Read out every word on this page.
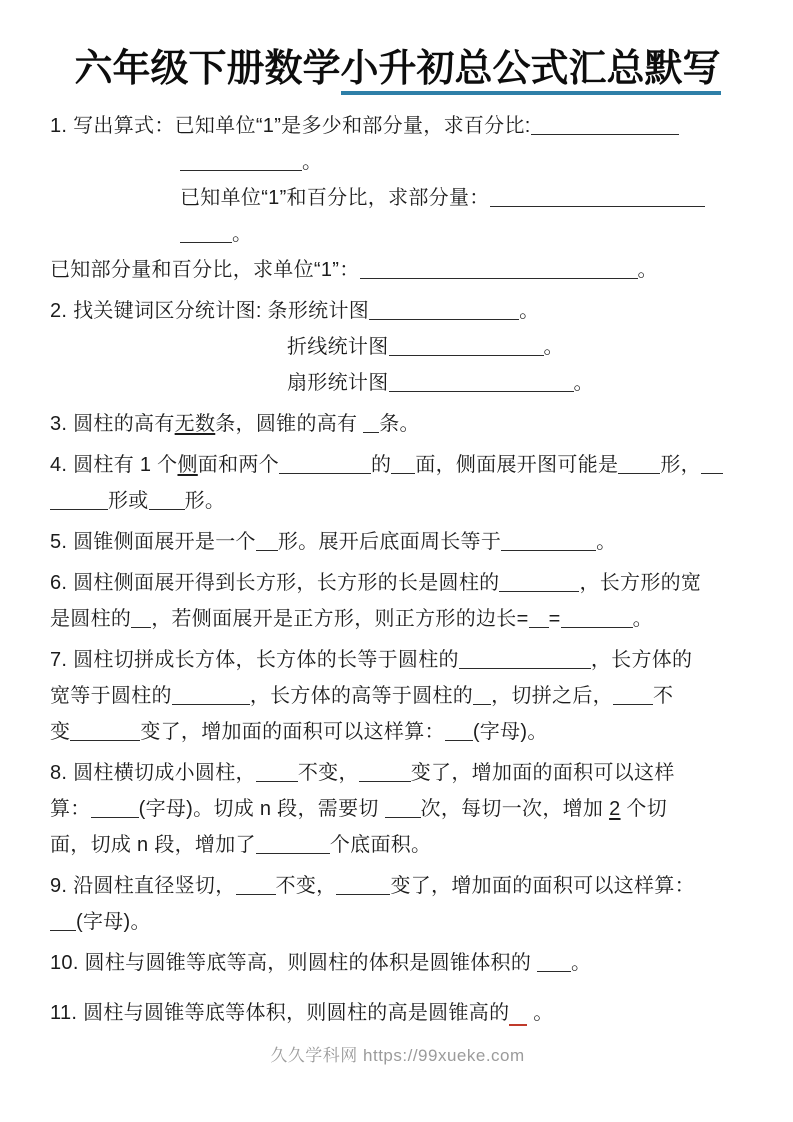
六年级下册数学小升初总公式汇总默写
1. 写出算式：已知单位“1”是多少和部分量，求百分比:
。
已知单位“1”和百分比，求部分量：
。
已知部分量和百分比，求单位“1”：	。
2. 找关键词区分统计图: 条形统计图	。
折线统计图	。
扇形统计图	。
3. 圆柱的高有无数条，圆锥的高有 条。
4. 圆柱有 1 个侧面和两个	的 面，侧面展开图可能是 形，
形或 形。
5. 圆锥侧面展开是一个 形。展开后底面周长等于	。
6. 圆柱侧面展开得到长方形，长方形的长是圆柱的	，长方形的宽
是圆柱的 ，若侧面展开是正方形，则正方形的边长= =	。
7. 圆柱切拼成长方体，长方体的长等于圆柱的	，长方体的
宽等于圆柱的	，长方体的高等于圆柱的 ，切拼之后， 不
变	变了，增加面的面积可以这样算： (字母)。
8. 圆柱横切成小圆柱， 不变，	变了，增加面的面积可以这样
算： (字母)。切成 n 段，需要切 次，每切一次，增加 2 个切
面，切成 n 段，增加了	个底面积。
9. 沿圆柱直径竖切， 不变，	变了，增加面的面积可以这样算：
(字母)。
10. 圆柱与圆锥等底等高，则圆柱的体积是圆锥体积的 。
11. 圆柱与圆锥等底等体积，则圆柱的高是圆锥高的 。
久久学科网 https://99xueke.com
